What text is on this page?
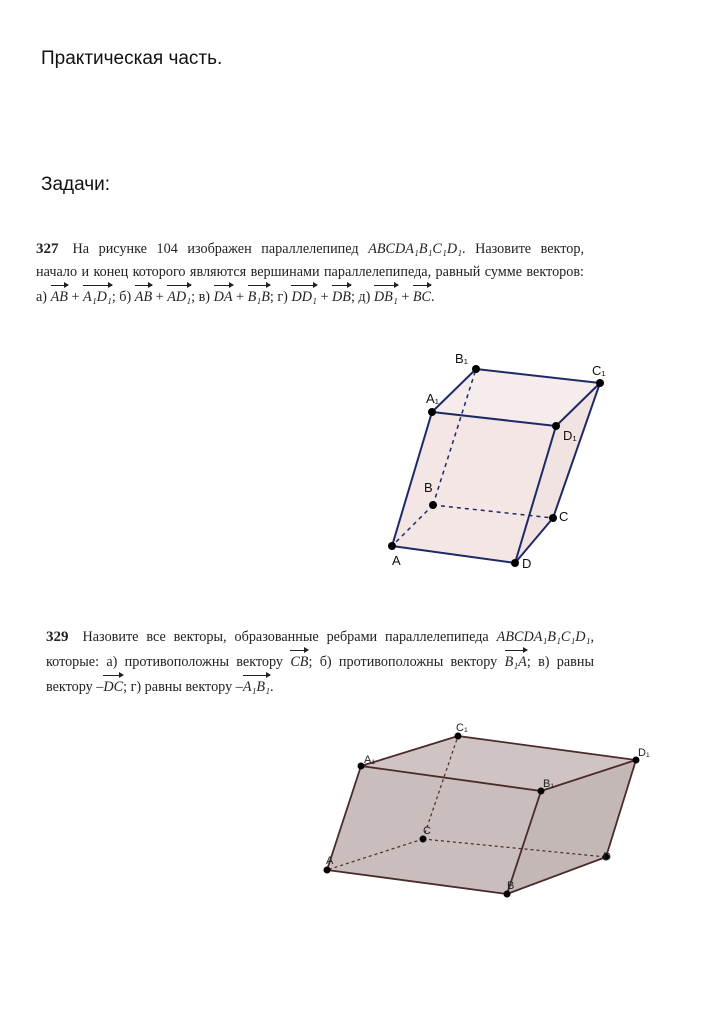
Практическая часть.
Задачи:
327 На рисунке 104 изображен параллелепипед ABCDA₁B₁C₁D₁. Назовите вектор, начало и конец которого являются вершинами параллелепипеда, равный сумме векторов: а) AB + A₁D₁; б) AB + AD₁; в) DA + B₁B; г) DD₁ + DB; д) DB₁ + BC.
329 Назовите все векторы, образованные ребрами параллелепипеда ABCDA₁B₁C₁D₁, которые: а) противоположны вектору CB; б) противоположны вектору B₁A; в) равны вектору –DC; г) равны вектору –A₁B₁.
B₁
C₁
A₁
D₁
B
C
A	D
C₁
D₁
A₁
B₁
C
D
A
B
